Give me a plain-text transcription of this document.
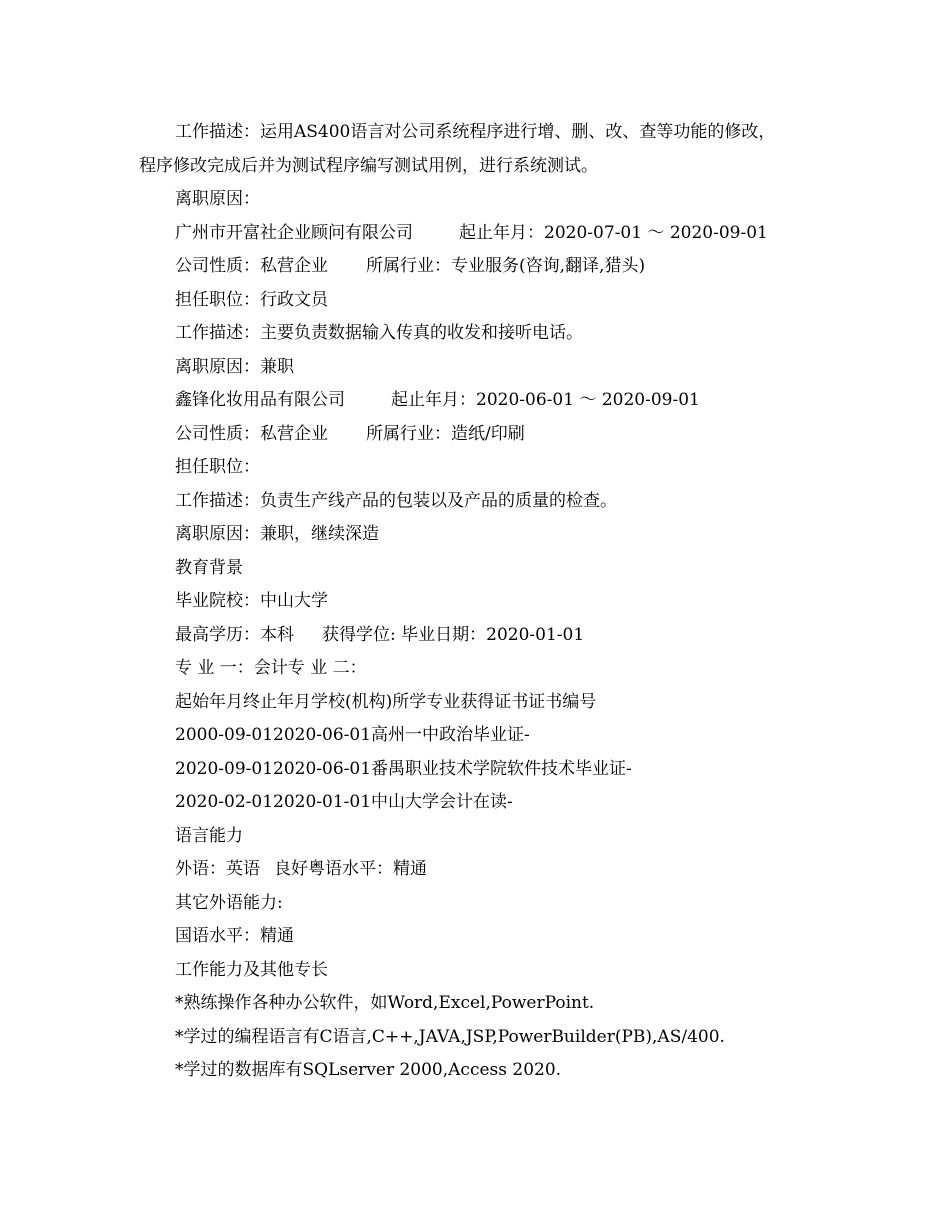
工作描述：运用AS400语言对公司系统程序进行增、删、改、查等功能的修改，
程序修改完成后并为测试程序编写测试用例，进行系统测试。
离职原因：
广州市开富社企业顾问有限公司	起止年月：2020-07-01 ～ 2020-09-01
公司性质：私营企业 所属行业：专业服务(咨询,翻译,猎头)
担任职位：行政文员
工作描述：主要负责数据输入传真的收发和接听电话。
离职原因：兼职
鑫锋化妆用品有限公司	起止年月：2020-06-01 ～ 2020-09-01
公司性质：私营企业 所属行业：造纸/印刷
担任职位：
工作描述：负责生产线产品的包装以及产品的质量的检查。
离职原因：兼职，继续深造
教育背景
毕业院校：中山大学
最高学历：本科 获得学位: 毕业日期：2020-01-01
专 业 一：会计专 业 二：
起始年月终止年月学校(机构)所学专业获得证书证书编号
2000-09-012020-06-01高州一中政治毕业证-
2020-09-012020-06-01番禺职业技术学院软件技术毕业证-
2020-02-012020-01-01中山大学会计在读-
语言能力
外语：英语 良好粤语水平：精通
其它外语能力:
国语水平：精通
工作能力及其他专长
*熟练操作各种办公软件，如Word,Excel,PowerPoint.
*学过的编程语言有C语言,C++,JAVA,JSP,PowerBuilder(PB),AS/400.
*学过的数据库有SQLserver 2000,Access 2020.
